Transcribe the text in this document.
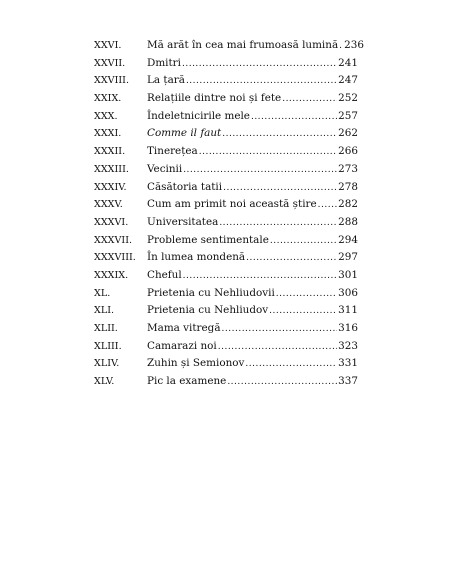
XXVI.	Mă arăt în cea mai frumoasă lumină ..... 236
XXVII.	Dmitri .....	241
XXVIII.	La țară .....	247
XXIX.	Relațiile dintre noi și fete .....	252
XXX.	Îndeletnicirile mele .....	257
XXXI.	Comme il faut .....	262
XXXII.	Tinerețea .....	266
XXXIII.	Vecinii .....	273
XXXIV.	Căsătoria tatii .....	278
XXXV.	Cum am primit noi această știre ..... 282
XXXVI.	Universitatea .....	288
XXXVII.	Probleme sentimentale .....	294
XXXVIII.	În lumea mondenă .....	297
XXXIX.	Cheful .....	301
XL.	Prietenia cu Nehliudovii .....	306
XLI.	Prietenia cu Nehliudov .....	311
XLII.	Mama vitregă .....	316
XLIII.	Camarazi noi .....	323
XLIV.	Zuhin și Semionov .....	331
XLV.	Pic la examene .....	337
